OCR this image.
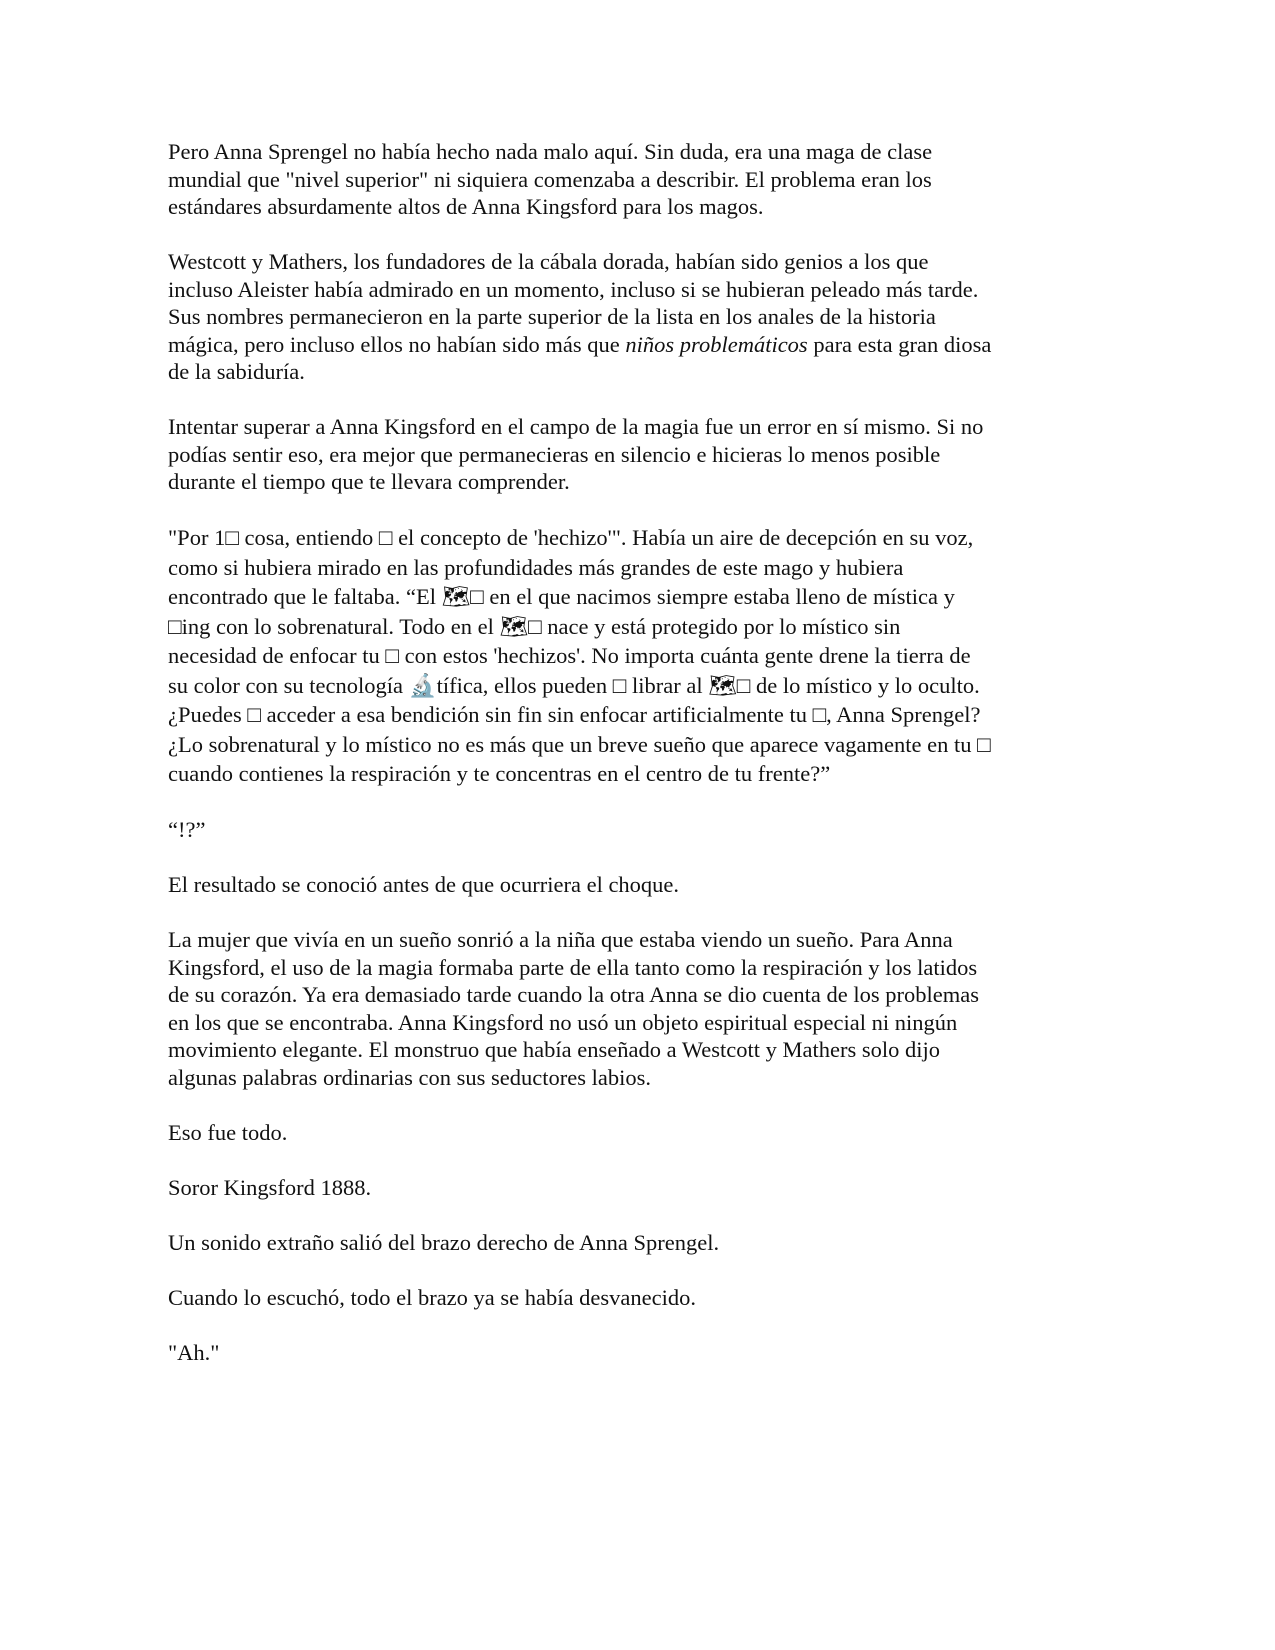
Pero Anna Sprengel no había hecho nada malo aquí. Sin duda, era una maga de clase
mundial que "nivel superior" ni siquiera comenzaba a describir. El problema eran los
estándares absurdamente altos de Anna Kingsford para los magos.
Westcott y Mathers, los fundadores de la cábala dorada, habían sido genios a los que
incluso Aleister había admirado en un momento, incluso si se hubieran peleado más tarde.
Sus nombres permanecieron en la parte superior de la lista en los anales de la historia
mágica, pero incluso ellos no habían sido más que niños problemáticos para esta gran diosa
de la sabiduría.
Intentar superar a Anna Kingsford en el campo de la magia fue un error en sí mismo. Si no
podías sentir eso, era mejor que permanecieras en silencio e hicieras lo menos posible
durante el tiempo que te llevara comprender.
"Por 1□ cosa, entiendo □ el concepto de 'hechizo'". Había un aire de decepción en su voz,
como si hubiera mirado en las profundidades más grandes de este mago y hubiera
encontrado que le faltaba. “El 🗺□ en el que nacimos siempre estaba lleno de mística y
□ing con lo sobrenatural. Todo en el 🗺□ nace y está protegido por lo místico sin
necesidad de enfocar tu □ con estos 'hechizos'. No importa cuánta gente drene la tierra de
su color con su tecnología 🔬tífica, ellos pueden □ librar al 🗺□ de lo místico y lo oculto.
¿Puedes □ acceder a esa bendición sin fin sin enfocar artificialmente tu □, Anna Sprengel?
¿Lo sobrenatural y lo místico no es más que un breve sueño que aparece vagamente en tu □
cuando contienes la respiración y te concentras en el centro de tu frente?”
“!?”
El resultado se conoció antes de que ocurriera el choque.
La mujer que vivía en un sueño sonrió a la niña que estaba viendo un sueño. Para Anna
Kingsford, el uso de la magia formaba parte de ella tanto como la respiración y los latidos
de su corazón. Ya era demasiado tarde cuando la otra Anna se dio cuenta de los problemas
en los que se encontraba. Anna Kingsford no usó un objeto espiritual especial ni ningún
movimiento elegante. El monstruo que había enseñado a Westcott y Mathers solo dijo
algunas palabras ordinarias con sus seductores labios.
Eso fue todo.
Soror Kingsford 1888.
Un sonido extraño salió del brazo derecho de Anna Sprengel.
Cuando lo escuchó, todo el brazo ya se había desvanecido.
"Ah."
